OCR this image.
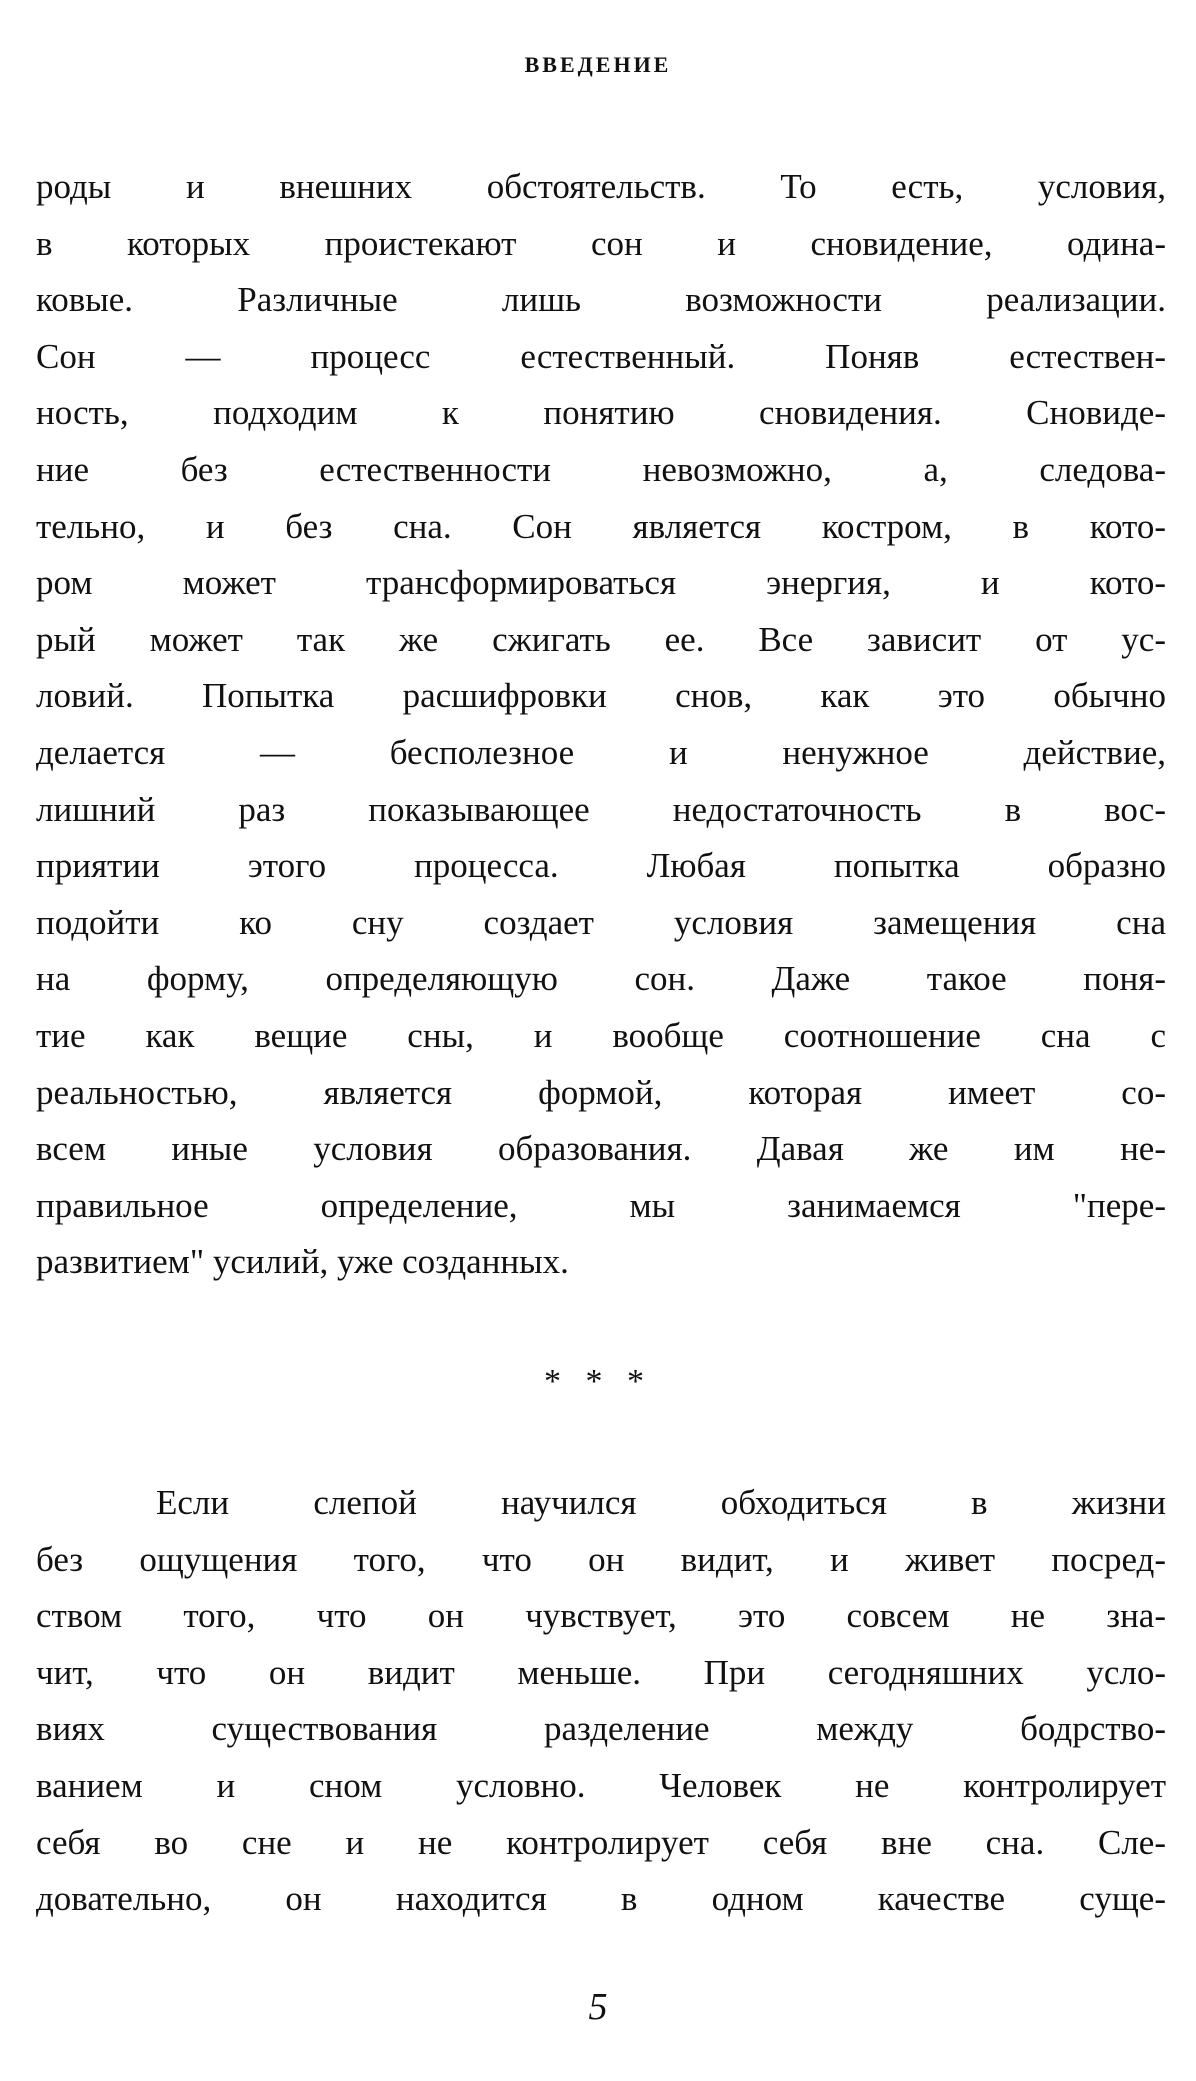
ВВЕДЕНИЕ
роды и внешних обстоятельств. То есть, условия,
в которых проистекают сон и сновидение, одина-
ковые. Различные лишь возможности реализации.
Сон — процесс естественный. Поняв естествен-
ность, подходим к понятию сновидения. Сновиде-
ние без естественности невозможно, а, следова-
тельно, и без сна. Сон является костром, в кото-
ром может трансформироваться энергия, и кото-
рый может так же сжигать ее. Все зависит от ус-
ловий. Попытка расшифровки снов, как это обычно
делается — бесполезное и ненужное действие,
лишний раз показывающее недостаточность в вос-
приятии этого процесса. Любая попытка образно
подойти ко сну создает условия замещения сна
на форму, определяющую сон. Даже такое поня-
тие как вещие сны, и вообще соотношение сна с
реальностью, является формой, которая имеет со-
всем иные условия образования. Давая же им не-
правильное определение, мы занимаемся "пере-
развитием" усилий, уже созданных.
* * *
Если слепой научился обходиться в жизни
без ощущения того, что он видит, и живет посред-
ством того, что он чувствует, это совсем не зна-
чит, что он видит меньше. При сегодняшних усло-
виях существования разделение между бодрство-
ванием и сном условно. Человек не контролирует
себя во сне и не контролирует себя вне сна. Сле-
довательно, он находится в одном качестве суще-
5
